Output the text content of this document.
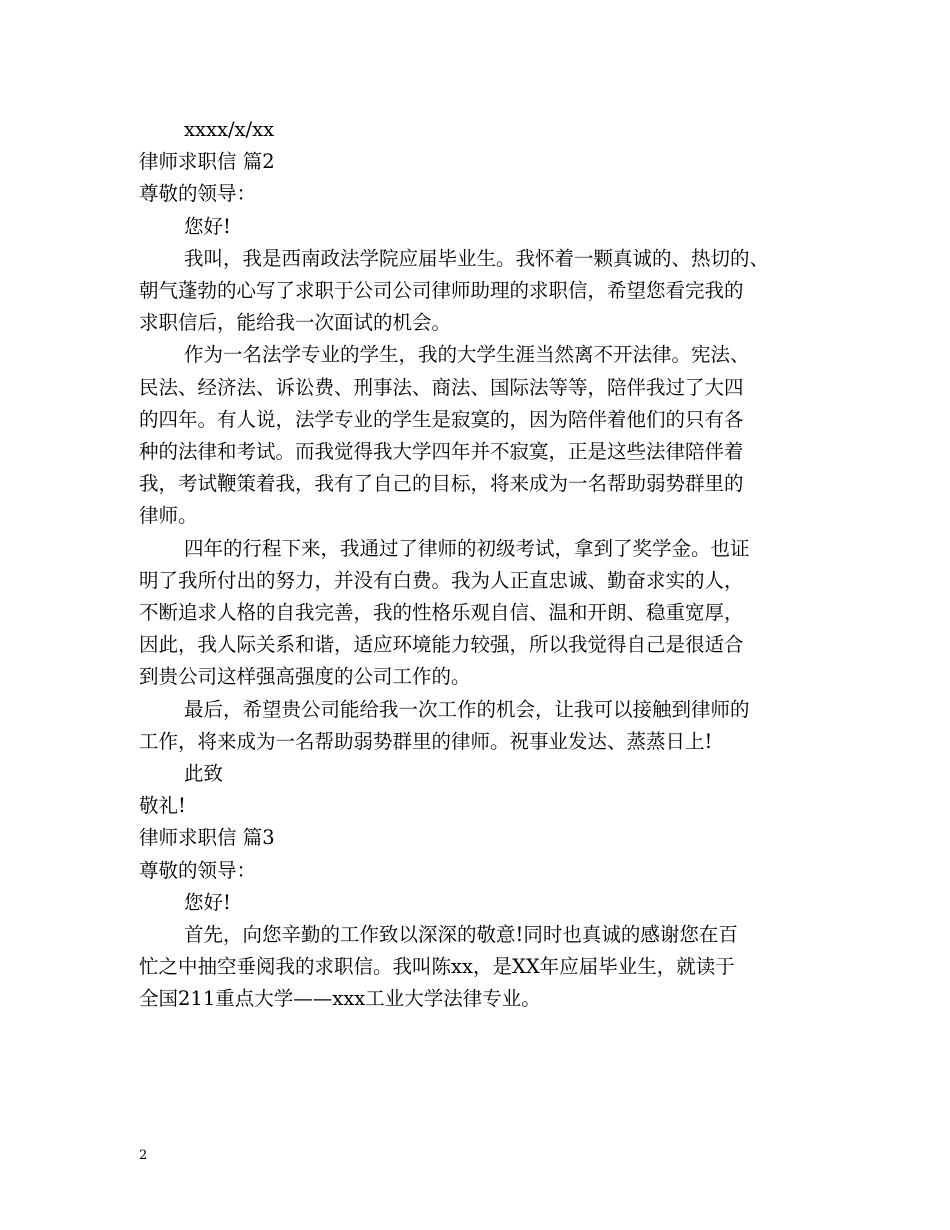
xxxx/x/xx
律师求职信 篇2
尊敬的领导：
您好!
我叫，我是西南政法学院应届毕业生。我怀着一颗真诚的、热切的、
朝气蓬勃的心写了求职于公司公司律师助理的求职信，希望您看完我的
求职信后，能给我一次面试的机会。
作为一名法学专业的学生，我的大学生涯当然离不开法律。宪法、
民法、经济法、诉讼费、刑事法、商法、国际法等等，陪伴我过了大四
的四年。有人说，法学专业的学生是寂寞的，因为陪伴着他们的只有各
种的法律和考试。而我觉得我大学四年并不寂寞，正是这些法律陪伴着
我，考试鞭策着我，我有了自己的目标，将来成为一名帮助弱势群里的
律师。
四年的行程下来，我通过了律师的初级考试，拿到了奖学金。也证
明了我所付出的努力，并没有白费。我为人正直忠诚、勤奋求实的人，
不断追求人格的自我完善，我的性格乐观自信、温和开朗、稳重宽厚，
因此，我人际关系和谐，适应环境能力较强，所以我觉得自己是很适合
到贵公司这样强高强度的公司工作的。
最后，希望贵公司能给我一次工作的机会，让我可以接触到律师的
工作，将来成为一名帮助弱势群里的律师。祝事业发达、蒸蒸日上!
此致
敬礼!
律师求职信 篇3
尊敬的领导：
您好!
首先，向您辛勤的工作致以深深的敬意!同时也真诚的感谢您在百
忙之中抽空垂阅我的求职信。我叫陈xx，是XX年应届毕业生，就读于
全国211重点大学——xxx工业大学法律专业。
2
